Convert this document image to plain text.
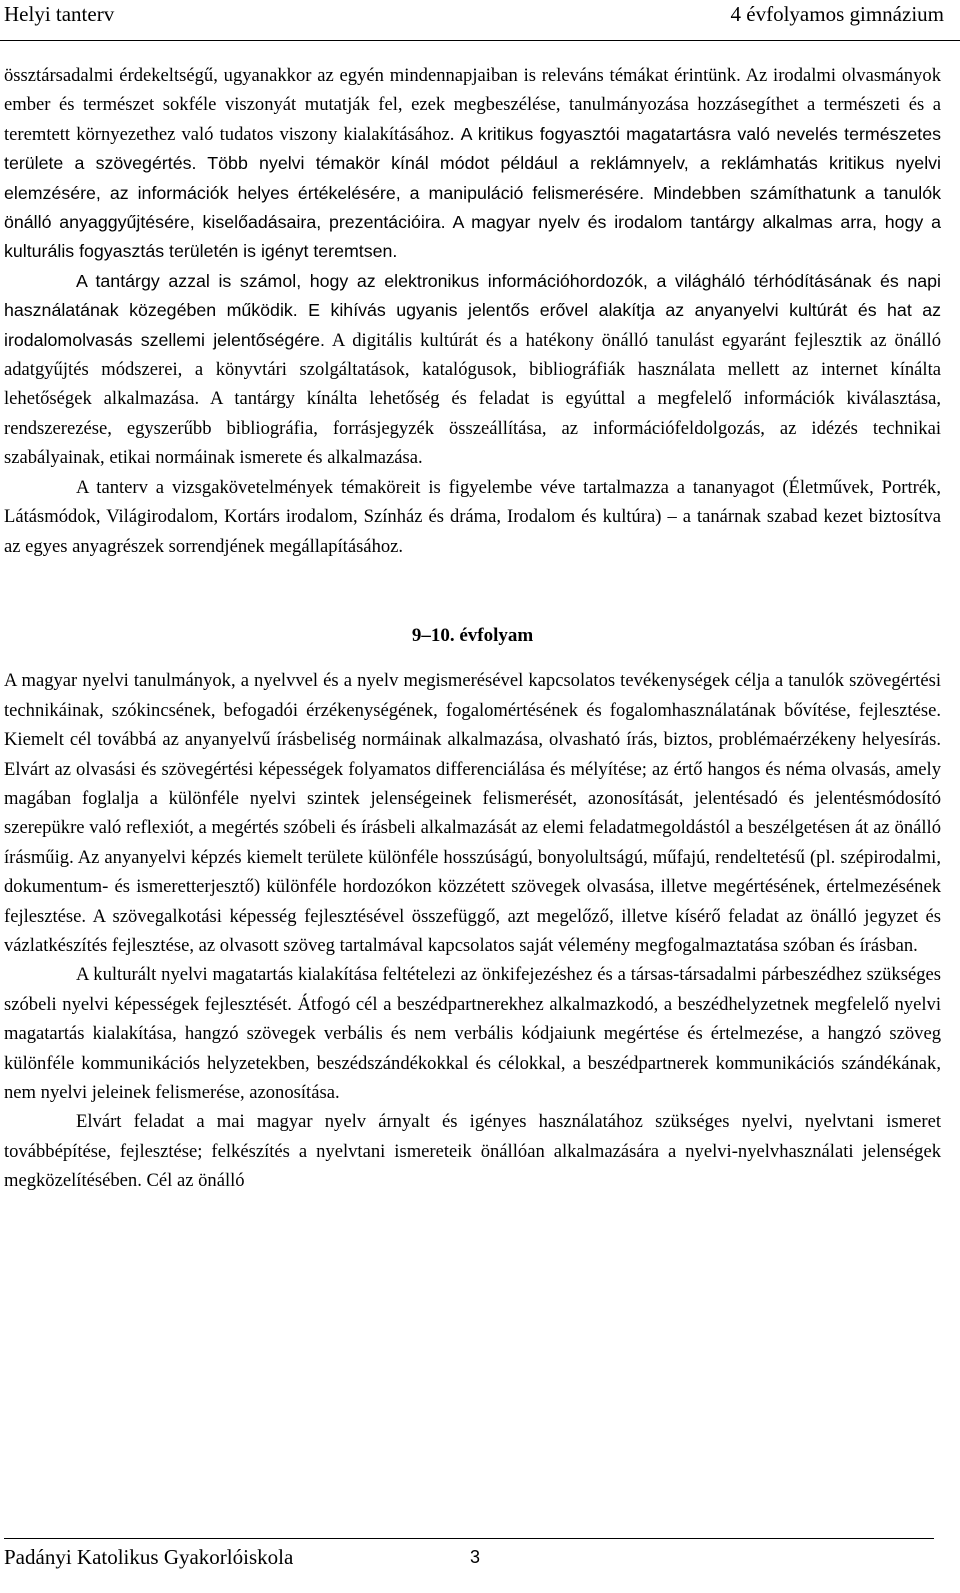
Helyi tanterv	4 évfolyamos gimnázium

össztársadalmi érdekeltségű, ugyanakkor az egyén mindennapjaiban is releváns témákat érintünk. Az irodalmi olvasmányok ember és természet sokféle viszonyát mutatják fel, ezek megbeszélése, tanulmányozása hozzásegíthet a természeti és a teremtett környezethez való tudatos viszony kialakításához. A kritikus fogyasztói magatartásra való nevelés természetes területe a szövegértés. Több nyelvi témakör kínál módot például a reklámnyelv, a reklámhatás kritikus nyelvi elemzésére, az információk helyes értékelésére, a manipuláció felismerésére. Mindebben számíthatunk a tanulók önálló anyaggyűjtésére, kiselőadásaira, prezentációira. A magyar nyelv és irodalom tantárgy alkalmas arra, hogy a kulturális fogyasztás területén is igényt teremtsen.

A tantárgy azzal is számol, hogy az elektronikus információhordozók, a világháló térhódításának és napi használatának közegében működik. E kihívás ugyanis jelentős erővel alakítja az anyanyelvi kultúrát és hat az irodalomolvasás szellemi jelentőségére. A digitális kultúrát és a hatékony önálló tanulást egyaránt fejlesztik az önálló adatgyűjtés módszerei, a könyvtári szolgáltatások, katalógusok, bibliográfiák használata mellett az internet kínálta lehetőségek alkalmazása. A tantárgy kínálta lehetőség és feladat is egyúttal a megfelelő információk kiválasztása, rendszerezése, egyszerűbb bibliográfia, forrásjegyzék összeállítása, az információfeldolgozás, az idézés technikai szabályainak, etikai normáinak ismerete és alkalmazása.

A tanterv a vizsgakövetelmények témaköreit is figyelembe véve tartalmazza a tananyagot (Életművek, Portrék, Látásmódok, Világirodalom, Kortárs irodalom, Színház és dráma, Irodalom és kultúra) – a tanárnak szabad kezet biztosítva az egyes anyagrészek sorrendjének megállapításához.

9–10. évfolyam

A magyar nyelvi tanulmányok, a nyelvvel és a nyelv megismerésével kapcsolatos tevékenységek célja a tanulók szövegértési technikáinak, szókincsének, befogadói érzékenységének, fogalomértésének és fogalomhasználatának bővítése, fejlesztése. Kiemelt cél továbbá az anyanyelvű írásbeliség normáinak alkalmazása, olvasható írás, biztos, problémaérzékeny helyesírás. Elvárt az olvasási és szövegértési képességek folyamatos differenciálása és mélyítése; az értő hangos és néma olvasás, amely magában foglalja a különféle nyelvi szintek jelenségeinek felismerését, azonosítását, jelentésadó és jelentésmódosító szerepükre való reflexiót, a megértés szóbeli és írásbeli alkalmazását az elemi feladatmegoldástól a beszélgetésen át az önálló írásműig. Az anyanyelvi képzés kiemelt területe különféle hosszúságú, bonyolultságú, műfajú, rendeltetésű (pl. szépirodalmi, dokumentum- és ismeretterjesztő) különféle hordozókon közzétett szövegek olvasása, illetve megértésének, értelmezésének fejlesztése. A szövegalkotási képesség fejlesztésével összefüggő, azt megelőző, illetve kísérő feladat az önálló jegyzet és vázlatkészítés fejlesztése, az olvasott szöveg tartalmával kapcsolatos saját vélemény megfogalmaztatása szóban és írásban.

A kulturált nyelvi magatartás kialakítása feltételezi az önkifejezéshez és a társas-társadalmi párbeszédhez szükséges szóbeli nyelvi képességek fejlesztését. Átfogó cél a beszédpartnerekhez alkalmazkodó, a beszédhelyzetnek megfelelő nyelvi magatartás kialakítása, hangzó szövegek verbális és nem verbális kódjaiunk megértése és értelmezése, a hangzó szöveg különféle kommunikációs helyzetekben, beszédszándékokkal és célokkal, a beszédpartnerek kommunikációs szándékának, nem nyelvi jeleinek felismerése, azonosítása.

Elvárt feladat a mai magyar nyelv árnyalt és igényes használatához szükséges nyelvi, nyelvtani ismeret továbbépítése, fejlesztése; felkészítés a nyelvtani ismereteik önállóan alkalmazására a nyelvi-nyelvhasználati jelenségek megközelítésében. Cél az önálló

Padányi Katolikus Gyakorlóiskola	3
